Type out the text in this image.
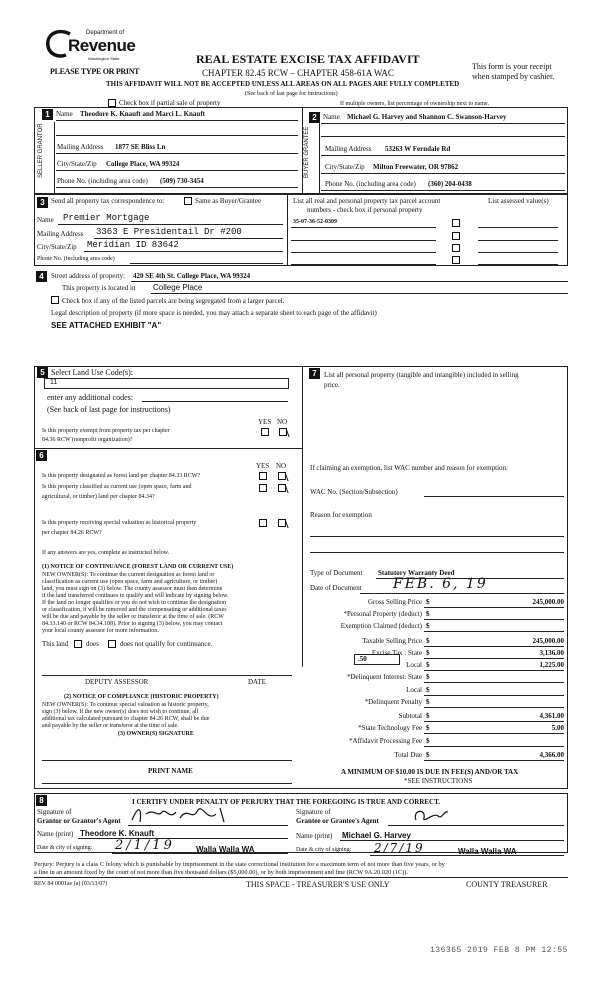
Department of
Revenue
Washington State
PLEASE TYPE OR PRINT
REAL ESTATE EXCISE TAX AFFIDAVIT
CHAPTER 82.45 RCW – CHAPTER 458-61A WAC
THIS AFFIDAVIT WILL NOT BE ACCEPTED UNLESS ALL AREAS ON ALL PAGES ARE FULLY COMPLETED
(See back of last page for instructions)
This form is your receipt
when stamped by cashier.
Check box if partial sale of property	If multiple owners, list percentage of ownership next to name.
1
SELLER GRANTOR
Name Theodore K. Knauft and Marci L. Knauft
Mailing Address 1877 SE Bliss Ln
City/State/Zip College Place, WA 99324
Phone No. (including area code) (509) 730-3454
2
BUYER GRANTEE
Name Michael G. Harvey and Shannon C. Swanson-Harvey
Mailing Address 53263 W Ferndale Rd
City/State/Zip Milton Freewater, OR 97862
Phone No. (including area code) (360) 204-0438
3 Send all property tax correspondence to:	Same as Buyer/Grantee
Name Premier Mortgage
Mailing Address 3363 E Presidentail Dr #200
City/State/Zip Meridian ID 83642
Phone No. (including area code)
List all real and personal property tax parcel account
numbers - check box if personal property
List assessed value(s)
35-07-36-52-0309
4	Street address of property: 420 SE 4th St. College Place, WA 99324
This property is located in College Place
Check box if any of the listed parcels are being segregated from a larger parcel.
Legal description of property (if more space is needed, you may attach a separate sheet to each page of the affidavit)
SEE ATTACHED EXHIBIT "A"
5 Select Land Use Code(s):
11
enter any additional codes:
(See back of last page for instructions)
YES NO
Is this property exempt from property tax per chapter
84.36 RCW (nonprofit organization)?
7	List all personal property (tangible and intangible) included in selling
price.
6
YES NO
Is this property designated as forest land per chapter 84.33 RCW?
Is this property classified as current use (open space, farm and
agricultural, or timber) land per chapter 84.34?
Is this property receiving special valuation as historical property
per chapter 84.26 RCW?
If any answers are yes, complete as instructed below.
(1) NOTICE OF CONTINUANCE (FOREST LAND OR CURRENT USE)
NEW OWNER(S): To continue the current designation as forest land or
classification as current use (open space, farm and agriculture, or timber)
land, you must sign on (3) below. The county assessor must then determine
if the land transferred continues to qualify and will indicate by signing below.
If the land no longer qualifies or you do not wish to continue the designation
or classification, it will be removed and the compensating or additional taxes
will be due and payable by the seller or transferor at the time of sale. (RCW
84.33.140 or RCW 84.34.108). Prior to signing (3) below, you may contact
your local county assessor for more information.
This land	does	does not qualify for continuance.
DEPUTY ASSESSOR	DATE
(2) NOTICE OF COMPLIANCE (HISTORIC PROPERTY)
NEW OWNER(S): To continue special valuation as historic property,
sign (3) below. If the new owner(s) does not wish to continue, all
additional tax calculated pursuant to chapter 84.26 RCW, shall be due
and payable by the seller or transferor at the time of sale.
(3) OWNER(S) SIGNATURE
PRINT NAME
If claiming an exemption, list WAC number and reason for exemption:
WAC No. (Section/Subsection)
Reason for exemption
Type of Document Statutory Warranty Deed
Date of Document FEB. 6, 19
Gross Selling Price $	245,000.00
*Personal Property (deduct) $
Exemption Claimed (deduct) $
Taxable Selling Price $	245,000.00
Excise Tax : State $	3,136.00
Local $	1,225.00
*Delinquent Interest: State $
Local $
*Delinquent Penalty $
Subtotal $	4,361.00
*State Technology Fee $	5.00
*Affidavit Processing Fee $
Total Due $	4,366.00
.50
A MINIMUM OF $10.00 IS DUE IN FEE(S) AND/OR TAX
*SEE INSTRUCTIONS
8	I CERTIFY UNDER PENALTY OF PERJURY THAT THE FOREGOING IS TRUE AND CORRECT.
Signature of
Grantor or Grantor's Agent
Signature of
Grantee or Grantee's Agent
Name (print) Theodore K. Knauft	Name (print) Michael G. Harvey
Date & city of signing: 2/1/19	Walla Walla WA	Date & city of signing: 2/7/19	Walla Walla WA
Perjury: Perjury is a class C felony which is punishable by imprisonment in the state correctional institution for a maximum term of not more than five years, or by
a fine in an amount fixed by the court of not more than five thousand dollars ($5,000.00), or by both imprisonment and fine (RCW 9A.20.020 (1C)).
REV 84 0001ae (a) (03/13/07)	THIS SPACE - TREASURER'S USE ONLY	COUNTY TREASURER
136365 2019 FEB 8 PM 12:55
